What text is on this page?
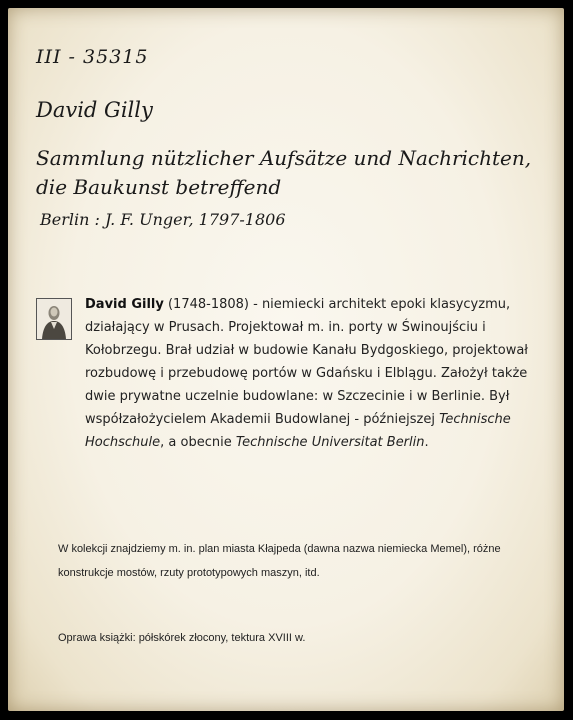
III - 35315
David Gilly
Sammlung nützlicher Aufsätze und Nachrichten,
die Baukunst betreffend
Berlin : J. F. Unger, 1797-1806
David Gilly (1748-1808) - niemiecki architekt epoki klasycyzmu, działający w Prusach. Projektował m. in. porty w Świnoujściu i Kołobrzegu. Brał udział w budowie Kanału Bydgoskiego, projektował rozbudowę i przebudowę portów w Gdańsku i Elblągu. Założył także dwie prywatne uczelnie budowlane: w Szczecinie i w Berlinie. Był współzałożycielem Akademii Budowlanej - późniejszej Technische Hochschule, a obecnie Technische Universitat Berlin.
W kolekcji znajdziemy m. in. plan miasta Kłajpeda (dawna nazwa niemiecka Memel), różne konstrukcje mostów, rzuty prototypowych maszyn, itd.
Oprawa książki: półskórek złocony, tektura XVIII w.
